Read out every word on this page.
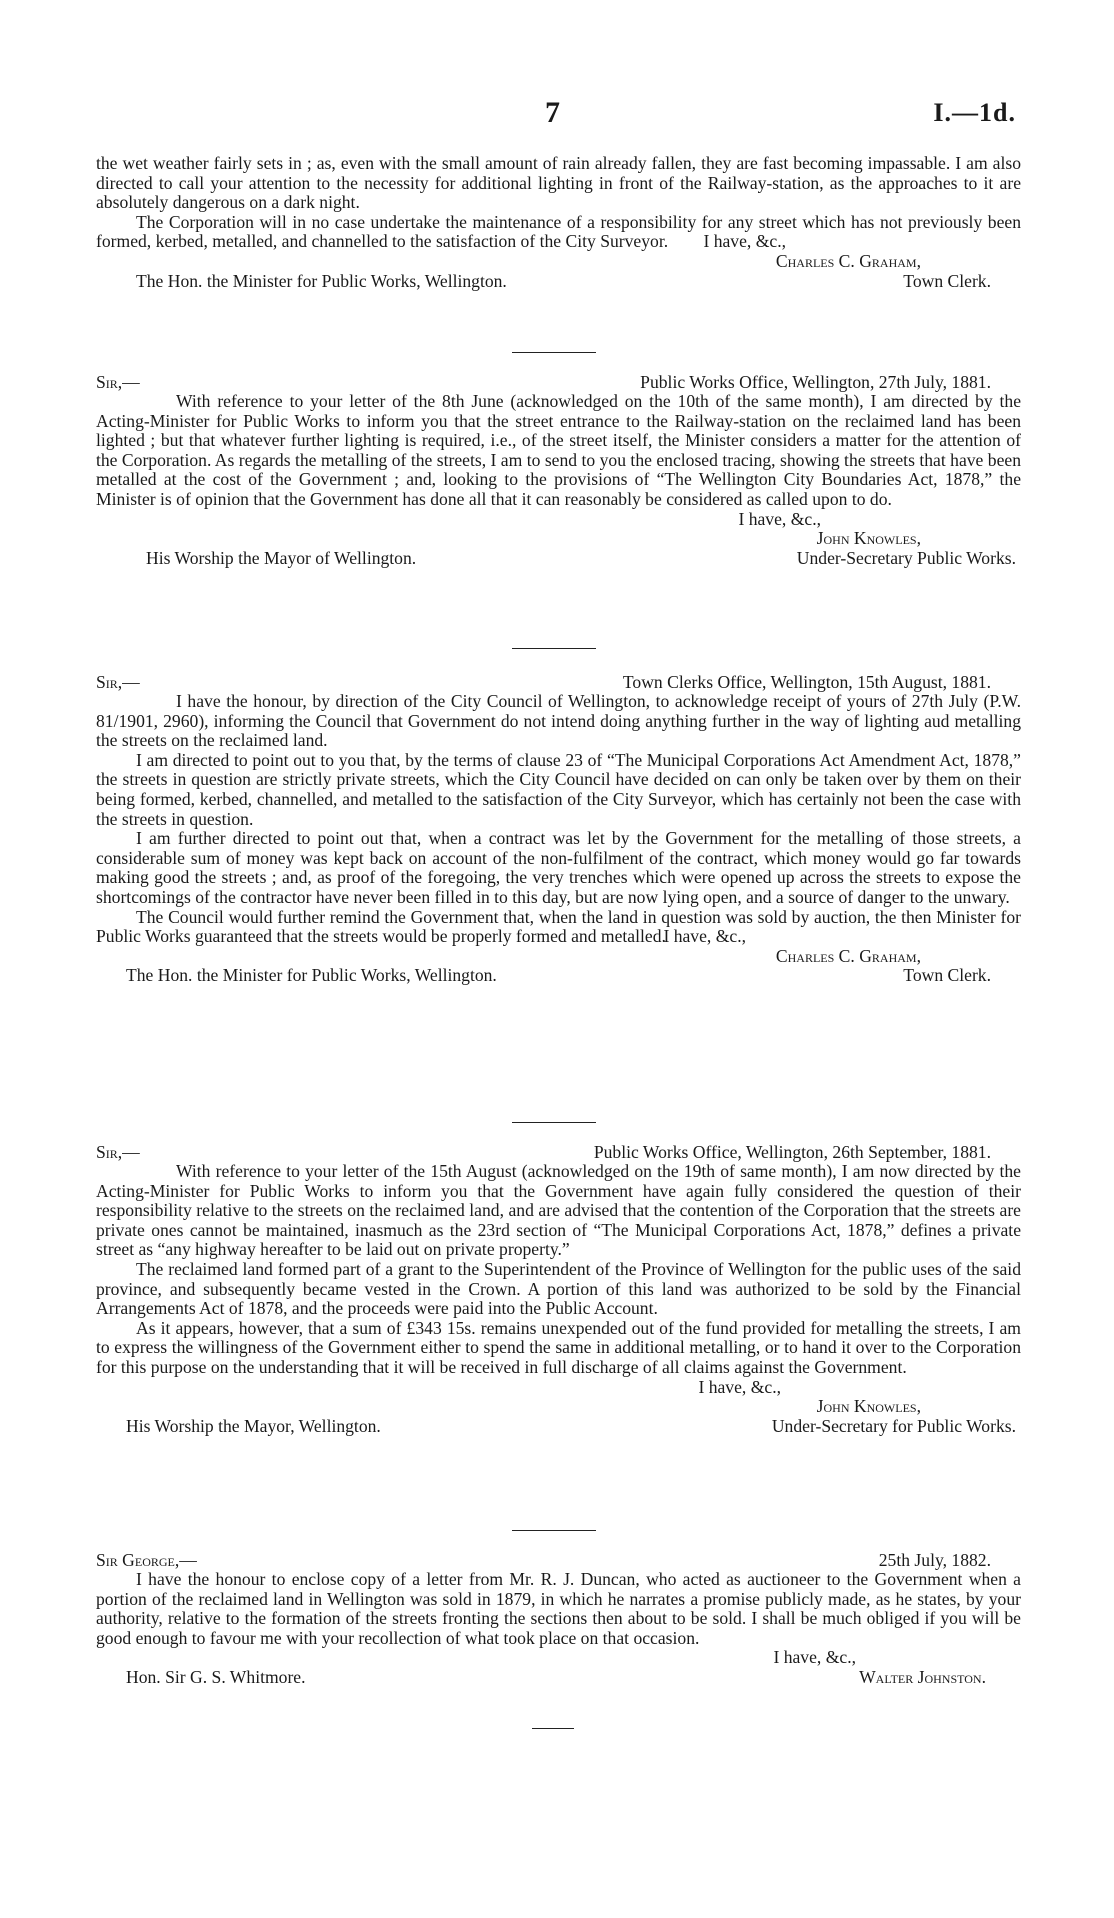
7	I.—1d.

the wet weather fairly sets in ; as, even with the small amount of rain already fallen, they are fast becoming impassable. I am also directed to call your attention to the necessity for additional lighting in front of the Railway-station, as the approaches to it are absolutely dangerous on a dark night.

The Corporation will in no case undertake the maintenance of a responsibility for any street which has not previously been formed, kerbed, metalled, and channelled to the satisfaction of the City Surveyor.	I have, &c.,
Charles C. Graham,
The Hon. the Minister for Public Works, Wellington.	Town Clerk.
Sir,—	Public Works Office, Wellington, 27th July, 1881.

With reference to your letter of the 8th June (acknowledged on the 10th of the same month), I am directed by the Acting-Minister for Public Works to inform you that the street entrance to the Railway-station on the reclaimed land has been lighted ; but that whatever further lighting is required, i.e., of the street itself, the Minister considers a matter for the attention of the Corporation. As regards the metalling of the streets, I am to send to you the enclosed tracing, showing the streets that have been metalled at the cost of the Government ; and, looking to the provisions of “The Wellington City Boundaries Act, 1878,” the Minister is of opinion that the Government has done all that it can reasonably be considered as called upon to do.

I have, &c.,
John Knowles,
His Worship the Mayor of Wellington.	Under-Secretary Public Works.
Sir,—	Town Clerks Office, Wellington, 15th August, 1881.

I have the honour, by direction of the City Council of Wellington, to acknowledge receipt of yours of 27th July (P.W. 81/1901, 2960), informing the Council that Government do not intend doing anything further in the way of lighting aud metalling the streets on the reclaimed land.

I am directed to point out to you that, by the terms of clause 23 of “The Municipal Corporations Act Amendment Act, 1878,” the streets in question are strictly private streets, which the City Council have decided on can only be taken over by them on their being formed, kerbed, channelled, and metalled to the satisfaction of the City Surveyor, which has certainly not been the case with the streets in question.

I am further directed to point out that, when a contract was let by the Government for the metalling of those streets, a considerable sum of money was kept back on account of the non-fulfilment of the contract, which money would go far towards making good the streets ; and, as proof of the foregoing, the very trenches which were opened up across the streets to expose the shortcomings of the contractor have never been filled in to this day, but are now lying open, and a source of danger to the unwary.

The Council would further remind the Government that, when the land in question was sold by auction, the then Minister for Public Works guaranteed that the streets would be properly formed and metalled.

I have, &c.,
Charles C. Graham,
The Hon. the Minister for Public Works, Wellington.	Town Clerk.
Sir,—	Public Works Office, Wellington, 26th September, 1881.

With reference to your letter of the 15th August (acknowledged on the 19th of same month), I am now directed by the Acting-Minister for Public Works to inform you that the Government have again fully considered the question of their responsibility relative to the streets on the reclaimed land, and are advised that the contention of the Corporation that the streets are private ones cannot be maintained, inasmuch as the 23rd section of “The Municipal Corporations Act, 1878,” defines a private street as “any highway hereafter to be laid out on private property.”

The reclaimed land formed part of a grant to the Superintendent of the Province of Wellington for the public uses of the said province, and subsequently became vested in the Crown. A portion of this land was authorized to be sold by the Financial Arrangements Act of 1878, and the proceeds were paid into the Public Account.

As it appears, however, that a sum of £343 15s. remains unexpended out of the fund provided for metalling the streets, I am to express the willingness of the Government either to spend the same in additional metalling, or to hand it over to the Corporation for this purpose on the understanding that it will be received in full discharge of all claims against the Government.

I have, &c.,
John Knowles,
His Worship the Mayor, Wellington.	Under-Secretary for Public Works.
Sir George,—	25th July, 1882.

I have the honour to enclose copy of a letter from Mr. R. J. Duncan, who acted as auctioneer to the Government when a portion of the reclaimed land in Wellington was sold in 1879, in which he narrates a promise publicly made, as he states, by your authority, relative to the formation of the streets fronting the sections then about to be sold. I shall be much obliged if you will be good enough to favour me with your recollection of what took place on that occasion.

I have, &c.,
Hon. Sir G. S. Whitmore.	Walter Johnston.
